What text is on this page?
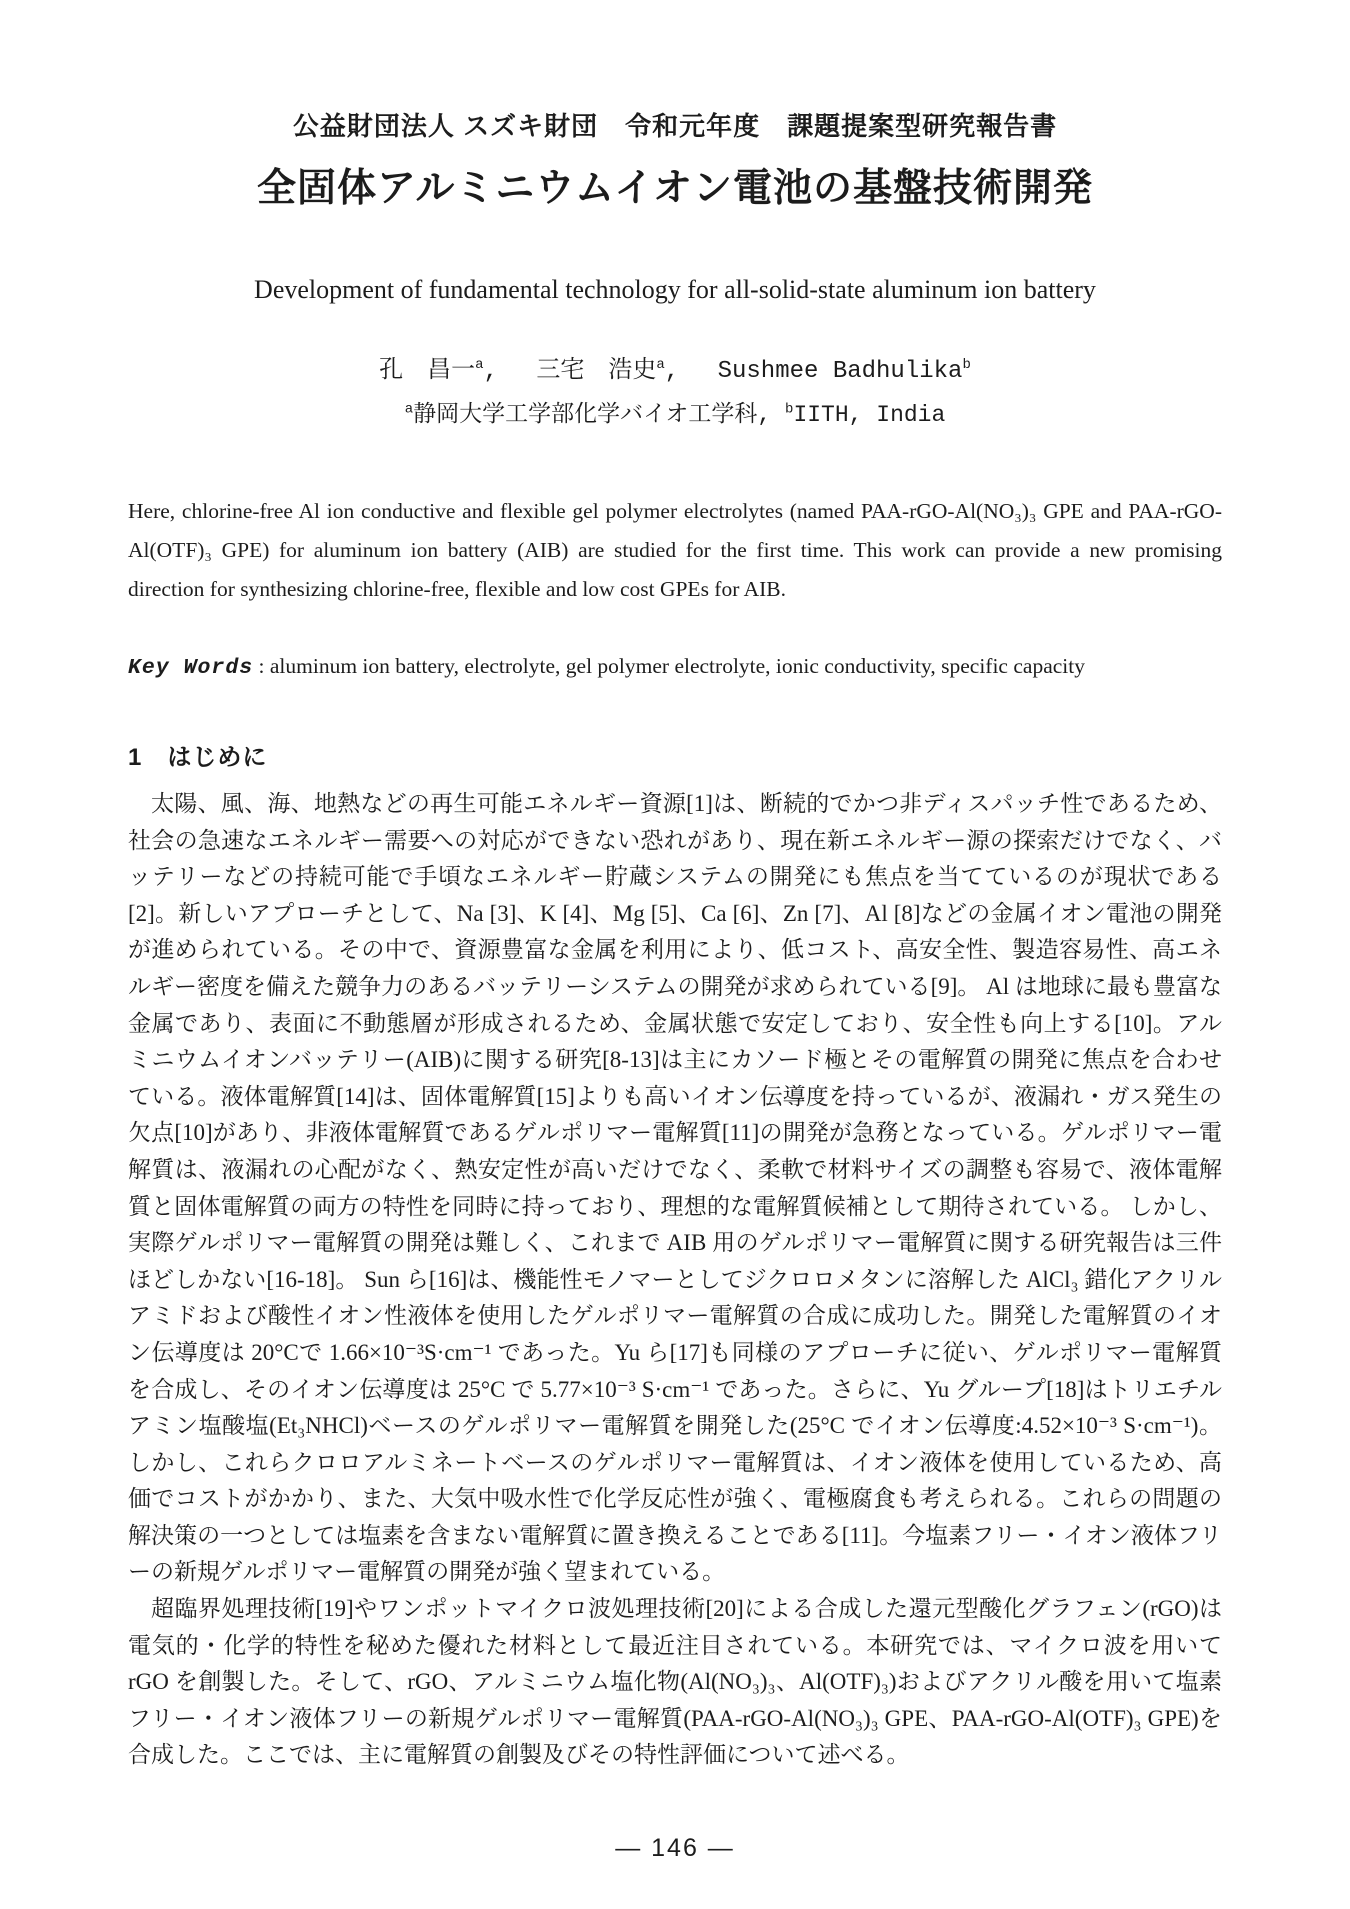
公益財団法人 スズキ財団　令和元年度　課題提案型研究報告書
全固体アルミニウムイオン電池の基盤技術開発
Development of fundamental technology for all-solid-state aluminum ion battery
孔　昌一$^a$,　 三宅　浩史$^a$,　 Sushmee Badhulika$^b$
$^a$静岡大学工学部化学バイオ工学科, $^b$IITH, India

Here, chlorine-free Al ion conductive and flexible gel polymer electrolytes (named PAA-rGO-Al(NO₃)₃ GPE and PAA-rGO-Al(OTF)₃ GPE) for aluminum ion battery (AIB) are studied for the first time. This work can provide a new promising direction for synthesizing chlorine-free, flexible and low cost GPEs for AIB.

Key Words : aluminum ion battery, electrolyte, gel polymer electrolyte, ionic conductivity, specific capacity
1　はじめに

太陽、風、海、地熱などの再生可能エネルギー資源[1]は、断続的でかつ非ディスパッチ性であるため、社会の急速なエネルギー需要への対応ができない恐れがあり、現在新エネルギー源の探索だけでなく、バッテリーなどの持続可能で手頃なエネルギー貯蔵システムの開発にも焦点を当てているのが現状である[2]。新しいアプローチとして、Na [3]、K [4]、Mg [5]、Ca [6]、Zn [7]、Al [8]などの金属イオン電池の開発が進められている。その中で、資源豊富な金属を利用により、低コスト、高安全性、製造容易性、高エネルギー密度を備えた競争力のあるバッテリーシステムの開発が求められている[9]。 Al は地球に最も豊富な金属であり、表面に不動態層が形成されるため、金属状態で安定しており、安全性も向上する[10]。アルミニウムイオンバッテリー(AIB)に関する研究[8-13]は主にカソード極とその電解質の開発に焦点を合わせている。液体電解質[14]は、固体電解質[15]よりも高いイオン伝導度を持っているが、液漏れ・ガス発生の欠点[10]があり、非液体電解質であるゲルポリマー電解質[11]の開発が急務となっている。ゲルポリマー電解質は、液漏れの心配がなく、熱安定性が高いだけでなく、柔軟で材料サイズの調整も容易で、液体電解質と固体電解質の両方の特性を同時に持っており、理想的な電解質候補として期待されている。 しかし、実際ゲルポリマー電解質の開発は難しく、これまで AIB 用のゲルポリマー電解質に関する研究報告は三件ほどしかない[16-18]。 Sun ら[16]は、機能性モノマーとしてジクロロメタンに溶解した AlCl₃ 錯化アクリルアミドおよび酸性イオン性液体を使用したゲルポリマー電解質の合成に成功した。開発した電解質のイオン伝導度は 20°Cで 1.66×10⁻³S·cm⁻¹ であった。Yu ら[17]も同様のアプローチに従い、ゲルポリマー電解質を合成し、そのイオン伝導度は 25°C で 5.77×10⁻³ S·cm⁻¹ であった。さらに、Yu グループ[18]はトリエチルアミン塩酸塩(Et₃NHCl)ベースのゲルポリマー電解質を開発した(25°C でイオン伝導度:4.52×10⁻³ S·cm⁻¹)。しかし、これらクロロアルミネートベースのゲルポリマー電解質は、イオン液体を使用しているため、高価でコストがかかり、また、大気中吸水性で化学反応性が強く、電極腐食も考えられる。これらの問題の解決策の一つとしては塩素を含まない電解質に置き換えることである[11]。今塩素フリー・イオン液体フリーの新規ゲルポリマー電解質の開発が強く望まれている。

超臨界処理技術[19]やワンポットマイクロ波処理技術[20]による合成した還元型酸化グラフェン(rGO)は電気的・化学的特性を秘めた優れた材料として最近注目されている。本研究では、マイクロ波を用いて rGO を創製した。そして、rGO、アルミニウム塩化物(Al(NO₃)₃、Al(OTF)₃)およびアクリル酸を用いて塩素フリー・イオン液体フリーの新規ゲルポリマー電解質(PAA-rGO-Al(NO₃)₃ GPE、PAA-rGO-Al(OTF)₃ GPE)を合成した。ここでは、主に電解質の創製及びその特性評価について述べる。

— 146 —
